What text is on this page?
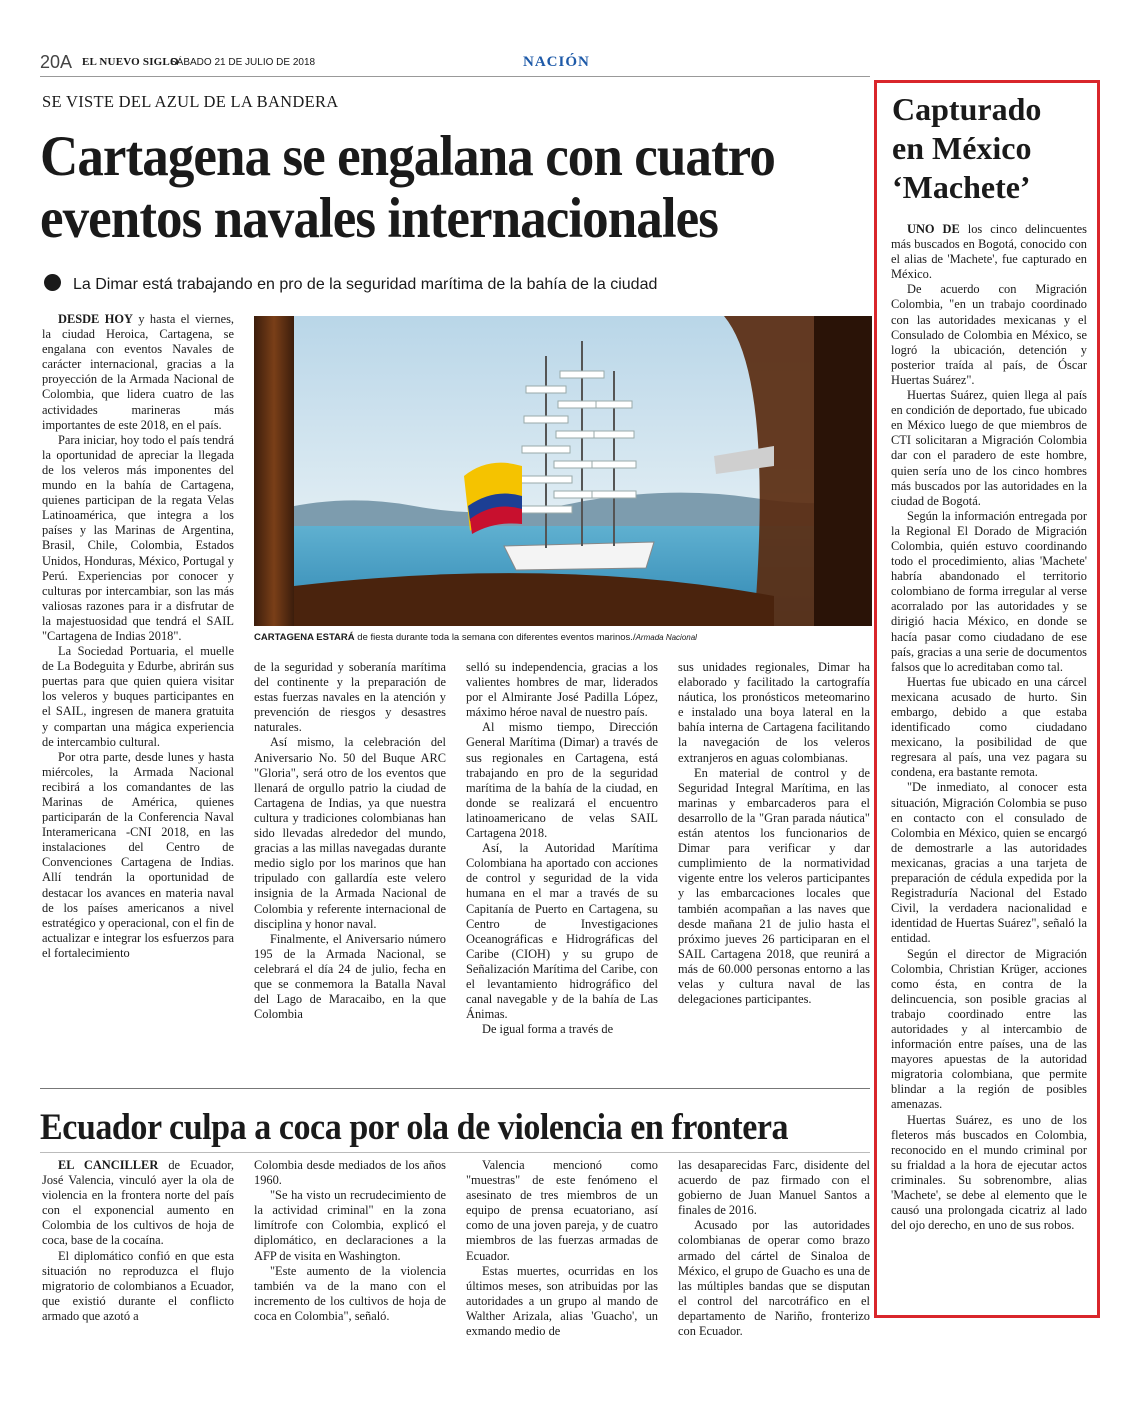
20A EL NUEVO SIGLO
SÁBADO 21 DE JULIO DE 2018	NACIÓN
SE VISTE DEL AZUL DE LA BANDERA
Cartagena se engalana con cuatro
eventos navales internacionales
La Dimar está trabajando en pro de la seguridad marítima de la bahía de la ciudad

DESDE HOY y hasta el viernes, la ciudad Heroica, Cartagena, se engalana con eventos Navales de carácter internacional, gracias a la proyección de la Armada Nacional de Colombia, que lidera cuatro de las actividades marineras más importantes de este 2018, en el país.

Para iniciar, hoy todo el país tendrá la oportunidad de apreciar la llegada de los veleros más imponentes del mundo en la bahía de Cartagena, quienes participan de la regata Velas Latinoamérica, que integra a los países y las Marinas de Argentina, Brasil, Chile, Colombia, Estados Unidos, Honduras, México, Portugal y Perú. Experiencias por conocer y culturas por intercambiar, son las más valiosas razones para ir a disfrutar de la majestuosidad que tendrá el SAIL "Cartagena de Indias 2018".

La Sociedad Portuaria, el muelle de La Bodeguita y Edurbe, abrirán sus puertas para que quien quiera visitar los veleros y buques participantes en el SAIL, ingresen de manera gratuita y compartan una mágica experiencia de intercambio cultural.

Por otra parte, desde lunes y hasta miércoles, la Armada Nacional recibirá a los comandantes de las Marinas de América, quienes participarán de la Conferencia Naval Interamericana -CNI 2018, en las instalaciones del Centro de Convenciones Cartagena de Indias. Allí tendrán la oportunidad de destacar los avances en materia naval de los países americanos a nivel estratégico y operacional, con el fin de actualizar e integrar los esfuerzos para el fortalecimiento

CARTAGENA ESTARÁ de fiesta durante toda la semana con diferentes eventos marinos./Armada Nacional

de la seguridad y soberanía marítima del continente y la preparación de estas fuerzas navales en la atención y prevención de riesgos y desastres naturales.

Así mismo, la celebración del Aniversario No. 50 del Buque ARC "Gloria", será otro de los eventos que llenará de orgullo patrio la ciudad de Cartagena de Indias, ya que nuestra cultura y tradiciones colombianas han sido llevadas alrededor del mundo, gracias a las millas navegadas durante medio siglo por los marinos que han tripulado con gallardía este velero insignia de la Armada Nacional de Colombia y referente internacional de disciplina y honor naval.

Finalmente, el Aniversario número 195 de la Armada Nacional, se celebrará el día 24 de julio, fecha en que se conmemora la Batalla Naval del Lago de Maracaibo, en la que Colombia

selló su independencia, gracias a los valientes hombres de mar, liderados por el Almirante José Padilla López, máximo héroe naval de nuestro país.

Al mismo tiempo, Dirección General Marítima (Dimar) a través de sus regionales en Cartagena, está trabajando en pro de la seguridad marítima de la bahía de la ciudad, en donde se realizará el encuentro latinoamericano de velas SAIL Cartagena 2018.

Así, la Autoridad Marítima Colombiana ha aportado con acciones de control y seguridad de la vida humana en el mar a través de su Capitanía de Puerto en Cartagena, su Centro de Investigaciones Oceanográficas e Hidrográficas del Caribe (CIOH) y su grupo de Señalización Marítima del Caribe, con el levantamiento hidrográfico del canal navegable y de la bahía de Las Ánimas.

De igual forma a través de

sus unidades regionales, Dimar ha elaborado y facilitado la cartografía náutica, los pronósticos meteomarino e instalado una boya lateral en la bahía interna de Cartagena facilitando la navegación de los veleros extranjeros en aguas colombianas.

En material de control y de Seguridad Integral Marítima, en las marinas y embarcaderos para el desarrollo de la "Gran parada náutica" están atentos los funcionarios de Dimar para verificar y dar cumplimiento de la normatividad vigente entre los veleros participantes y las embarcaciones locales que también acompañan a las naves que desde mañana 21 de julio hasta el próximo jueves 26 participaran en el SAIL Cartagena 2018, que reunirá a más de 60.000 personas entorno a las velas y cultura naval de las delegaciones participantes.

Ecuador culpa a coca por ola de violencia en frontera

EL CANCILLER de Ecuador, José Valencia, vinculó ayer la ola de violencia en la frontera norte del país con el exponencial aumento en Colombia de los cultivos de hoja de coca, base de la cocaína.

El diplomático confió en que esta situación no reproduzca el flujo migratorio de colombianos a Ecuador, que existió durante el conflicto armado que azotó a

Colombia desde mediados de los años 1960.

"Se ha visto un recrudecimiento de la actividad criminal" en la zona limítrofe con Colombia, explicó el diplomático, en declaraciones a la AFP de visita en Washington.

"Este aumento de la violencia también va de la mano con el incremento de los cultivos de hoja de coca en Colombia", señaló.

Valencia mencionó como "muestras" de este fenómeno el asesinato de tres miembros de un equipo de prensa ecuatoriano, así como de una joven pareja, y de cuatro miembros de las fuerzas armadas de Ecuador.

Estas muertes, ocurridas en los últimos meses, son atribuidas por las autoridades a un grupo al mando de Walther Arizala, alias 'Guacho', un exmando medio de

las desaparecidas Farc, disidente del acuerdo de paz firmado con el gobierno de Juan Manuel Santos a finales de 2016.

Acusado por las autoridades colombianas de operar como brazo armado del cártel de Sinaloa de México, el grupo de Guacho es una de las múltiples bandas que se disputan el control del narcotráfico en el departamento de Nariño, fronterizo con Ecuador.

Capturado
en México
‘Machete’

UNO DE los cinco delincuentes más buscados en Bogotá, conocido con el alias de 'Machete', fue capturado en México.

De acuerdo con Migración Colombia, "en un trabajo coordinado con las autoridades mexicanas y el Consulado de Colombia en México, se logró la ubicación, detención y posterior traída al país, de Óscar Huertas Suárez".

Huertas Suárez, quien llega al país en condición de deportado, fue ubicado en México luego de que miembros de CTI solicitaran a Migración Colombia dar con el paradero de este hombre, quien sería uno de los cinco hombres más buscados por las autoridades en la ciudad de Bogotá.

Según la información entregada por la Regional El Dorado de Migración Colombia, quién estuvo coordinando todo el procedimiento, alias 'Machete' habría abandonado el territorio colombiano de forma irregular al verse acorralado por las autoridades y se dirigió hacia México, en donde se hacía pasar como ciudadano de ese país, gracias a una serie de documentos falsos que lo acreditaban como tal.

Huertas fue ubicado en una cárcel mexicana acusado de hurto. Sin embargo, debido a que estaba identificado como ciudadano mexicano, la posibilidad de que regresara al país, una vez pagara su condena, era bastante remota.

"De inmediato, al conocer esta situación, Migración Colombia se puso en contacto con el consulado de Colombia en México, quien se encargó de demostrarle a las autoridades mexicanas, gracias a una tarjeta de preparación de cédula expedida por la Registraduría Nacional del Estado Civil, la verdadera nacionalidad e identidad de Huertas Suárez", señaló la entidad.

Según el director de Migración Colombia, Christian Krüger, acciones como ésta, en contra de la delincuencia, son posible gracias al trabajo coordinado entre las autoridades y al intercambio de información entre países, una de las mayores apuestas de la autoridad migratoria colombiana, que permite blindar a la región de posibles amenazas.

Huertas Suárez, es uno de los fleteros más buscados en Colombia, reconocido en el mundo criminal por su frialdad a la hora de ejecutar actos criminales. Su sobrenombre, alias 'Machete', se debe al elemento que le causó una prolongada cicatriz al lado del ojo derecho, en uno de sus robos.
